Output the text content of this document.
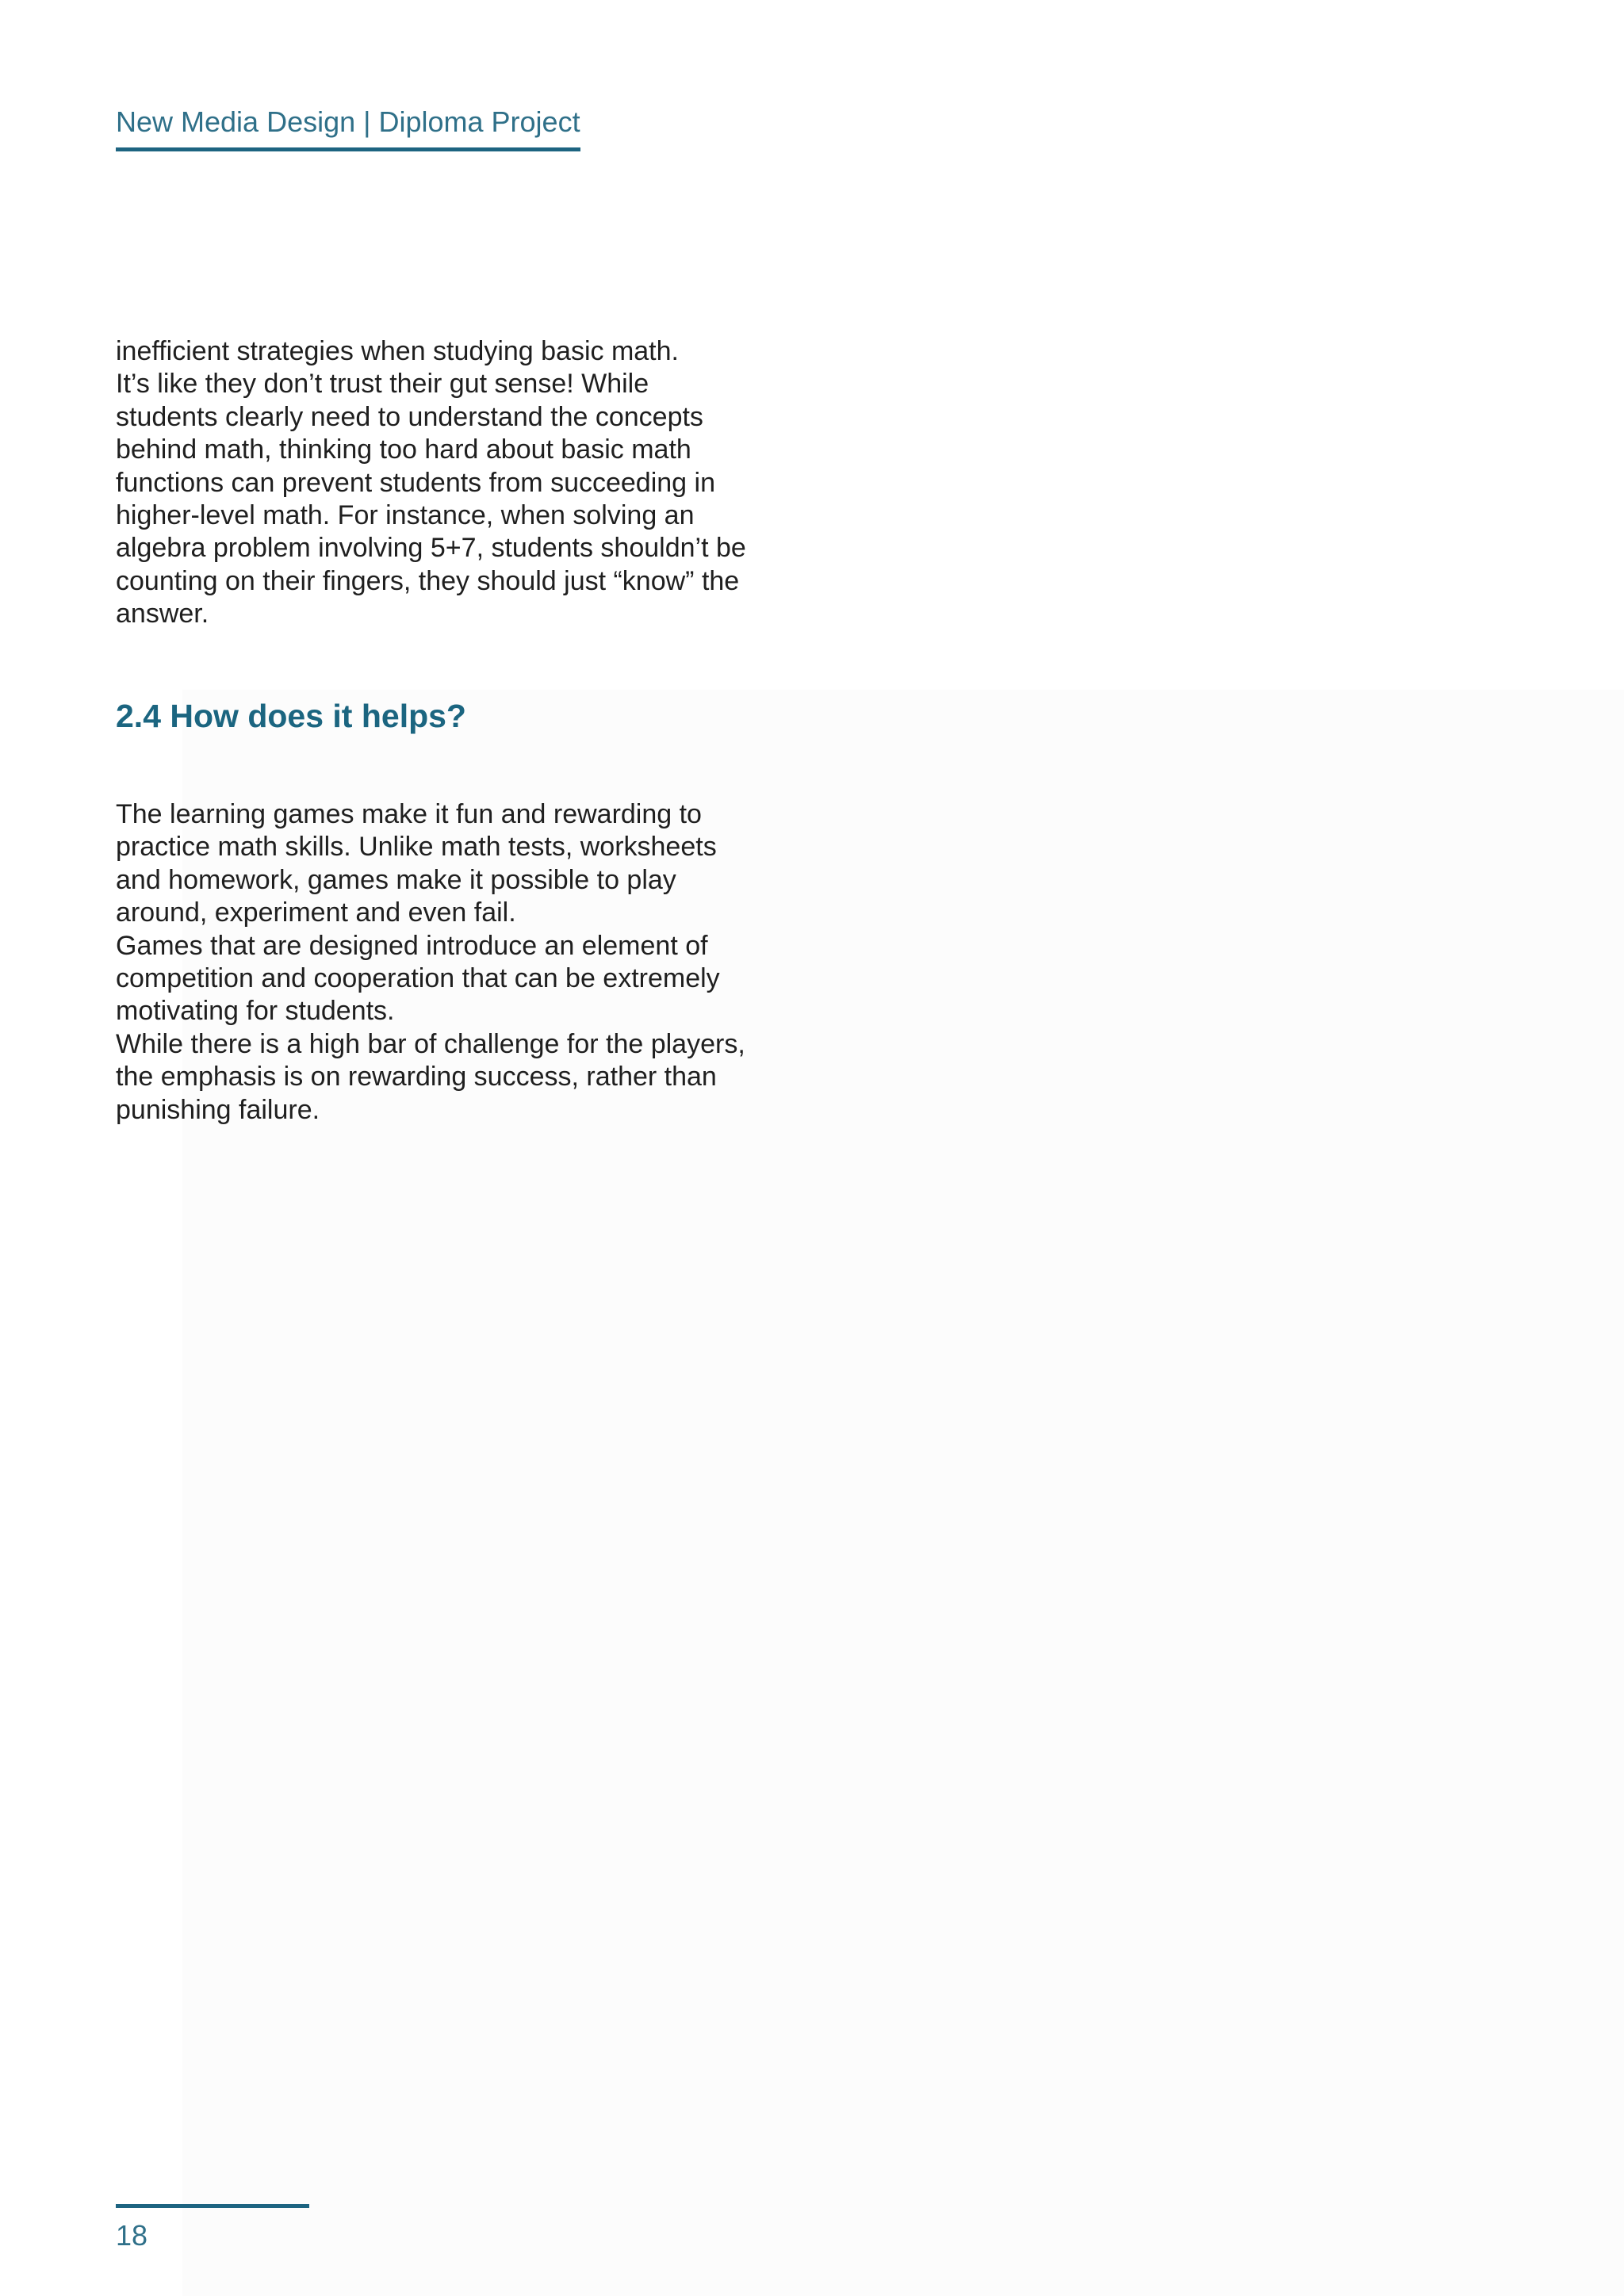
New Media Design | Diploma Project

inefficient strategies when studying basic math.
It’s like they don’t trust their gut sense! While
students clearly need to understand the concepts
behind math, thinking too hard about basic math
functions can prevent students from succeeding in
higher-level math. For instance, when solving an
algebra problem involving 5+7, students shouldn’t be
counting on their fingers, they should just “know” the
answer.

2.4 How does it helps?

The learning games make it fun and rewarding to
practice math skills. Unlike math tests, worksheets
and homework, games make it possible to play
around, experiment and even fail.
Games that are designed introduce an element of
competition and cooperation that can be extremely
motivating for students.
While there is a high bar of challenge for the players,
the emphasis is on rewarding success, rather than
punishing failure.

18
